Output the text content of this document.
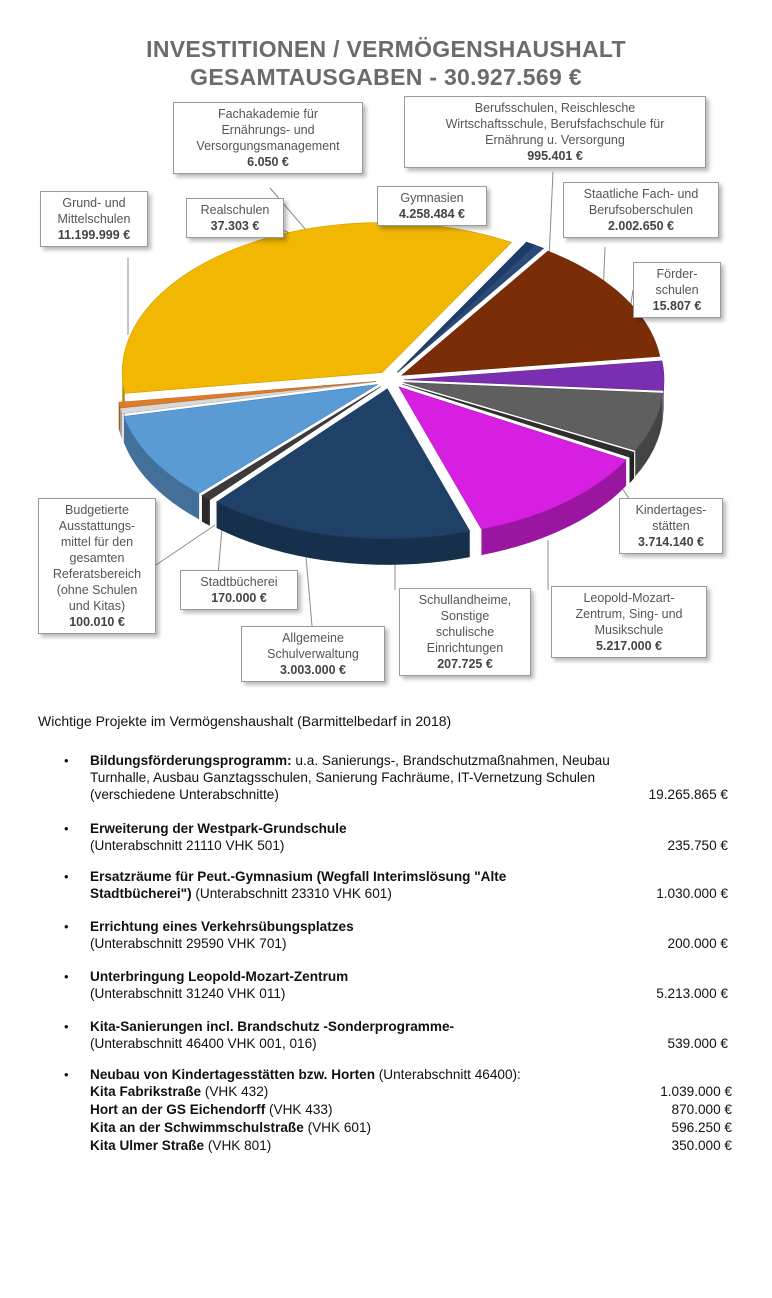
INVESTITIONEN / VERMÖGENSHAUSHALT
GESAMTAUSGABEN - 30.927.569 €
Fachakademie für
Ernährungs- und
Versorgungsmanagement
6.050 €
Berufsschulen, Reischlesche
Wirtschaftsschule, Berufsfachschule für
Ernährung u. Versorgung
995.401 €
Grund- und
Mittelschulen
11.199.999 €
Realschulen
37.303 €
Gymnasien
4.258.484 €
Staatliche Fach- und
Berufsoberschulen
2.002.650 €
Förder-
schulen
15.807 €
Kindertages-
stätten
3.714.140 €
Budgetierte
Ausstattungs-
mittel für den
gesamten
Referatsbereich
(ohne Schulen
und Kitas)
100.010 €
Stadtbücherei
170.000 €	Schullandheime,
Sonstige
schulische
Einrichtungen
207.725 €
Leopold-Mozart-
Zentrum, Sing- und
Musikschule
5.217.000 €
Allgemeine
Schulverwaltung
3.003.000 €
Wichtige Projekte im Vermögenshaushalt (Barmittelbedarf in 2018)
• Bildungsförderungsprogramm: u.a. Sanierungs-, Brandschutzmaßnahmen, Neubau Turnhalle, Ausbau Ganztagsschulen, Sanierung Fachräume, IT-Vernetzung Schulen (verschiedene Unterabschnitte)	19.265.865 €
• Erweiterung der Westpark-Grundschule
(Unterabschnitt 21110 VHK 501)	235.750 €
• Ersatzräume für Peut.-Gymnasium (Wegfall Interimslösung "Alte Stadtbücherei") (Unterabschnitt 23310 VHK 601)	1.030.000 €
• Errichtung eines Verkehrsübungsplatzes
(Unterabschnitt 29590 VHK 701)	200.000 €
• Unterbringung Leopold-Mozart-Zentrum
(Unterabschnitt 31240 VHK 011)	5.213.000 €
• Kita-Sanierungen incl. Brandschutz -Sonderprogramme-
(Unterabschnitt 46400 VHK 001, 016)	539.000 €
• Neubau von Kindertagesstätten bzw. Horten (Unterabschnitt 46400):
Kita Fabrikstraße (VHK 432)	1.039.000 €
Hort an der GS Eichendorff (VHK 433)	870.000 €
Kita an der Schwimmschulstraße (VHK 601)	596.250 €
Kita Ulmer Straße (VHK 801)	350.000 €
